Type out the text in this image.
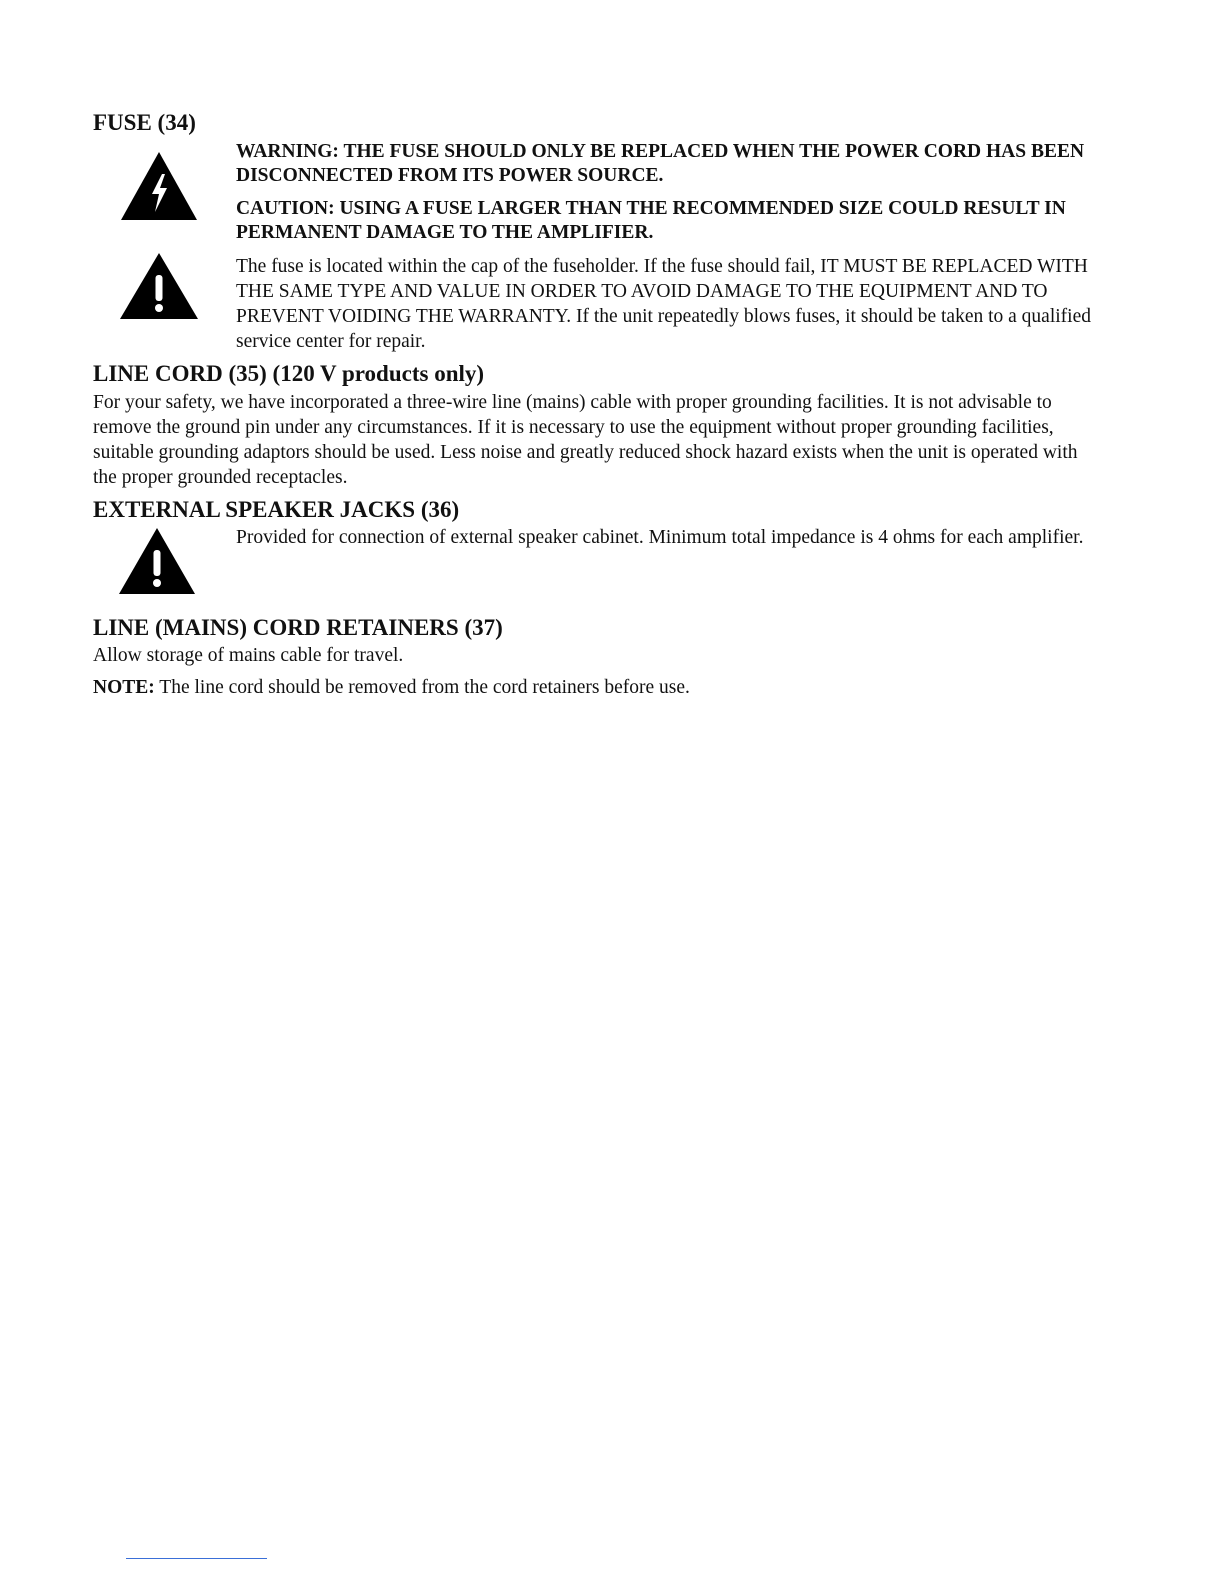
FUSE (34)

WARNING: THE FUSE SHOULD ONLY BE REPLACED WHEN THE POWER CORD HAS BEEN DISCONNECTED FROM ITS POWER SOURCE.

CAUTION: USING A FUSE LARGER THAN THE RECOMMENDED SIZE COULD RESULT IN PERMANENT DAMAGE TO THE AMPLIFIER.

The fuse is located within the cap of the fuseholder. If the fuse should fail, IT MUST BE REPLACED WITH THE SAME TYPE AND VALUE IN ORDER TO AVOID DAMAGE TO THE EQUIPMENT AND TO PREVENT VOIDING THE WARRANTY. If the unit repeatedly blows fuses, it should be taken to a qualified service center for repair.

LINE CORD (35) (120 V products only)

For your safety, we have incorporated a three-wire line (mains) cable with proper grounding facilities. It is not advisable to remove the ground pin under any circumstances. If it is necessary to use the equipment without proper grounding facilities, suitable grounding adaptors should be used. Less noise and greatly reduced shock hazard exists when the unit is operated with the proper grounded receptacles.

EXTERNAL SPEAKER JACKS (36)

Provided for connection of external speaker cabinet. Minimum total impedance is 4 ohms for each amplifier.

LINE (MAINS) CORD RETAINERS (37)

Allow storage of mains cable for travel.

NOTE: The line cord should be removed from the cord retainers before use.
